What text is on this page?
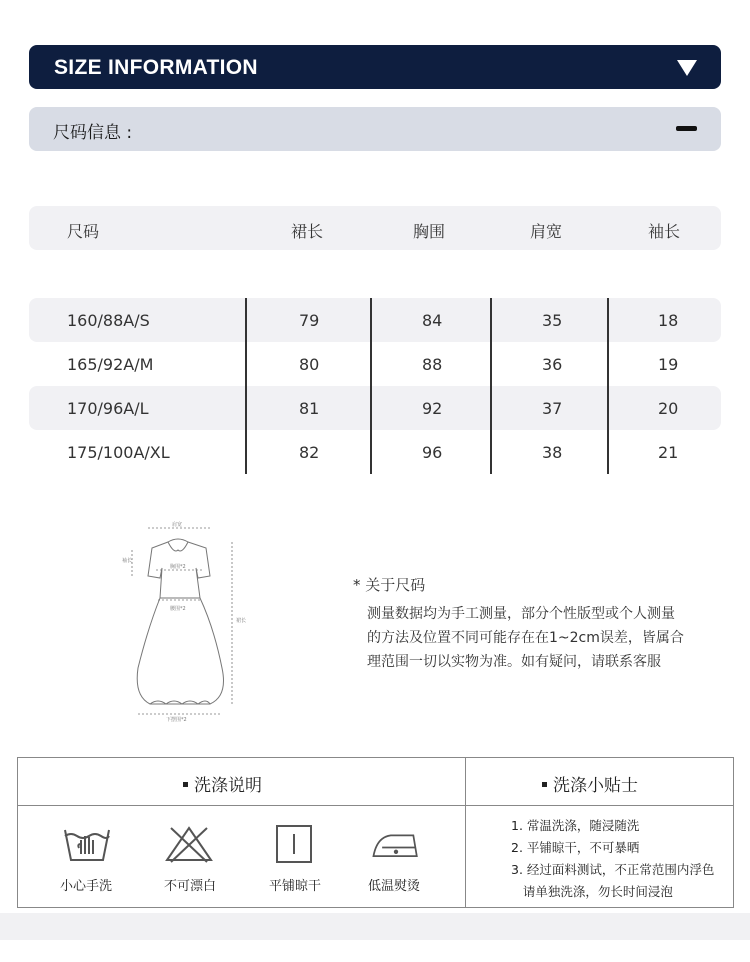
SIZE INFORMATION
尺码信息 :
尺码	裙长	胸围	肩宽	袖长
160/88A/S	79	84	35	18
165/92A/M	80	88	36	19
170/96A/L	81	92	37	20
175/100A/XL	82	96	38	21
肩宽
袖长
胸围*2
腰围*2
裙长
下摆围*2
* 关于尺码
测量数据均为手工测量，部分个性版型或个人测量
的方法及位置不同可能存在在1~2cm误差，皆属合
理范围一切以实物为准。如有疑问，请联系客服
洗涤说明	洗涤小贴士
小心手洗	不可漂白	平铺晾干	低温熨烫
1. 常温洗涤，随浸随洗
2. 平铺晾干，不可暴晒
3. 经过面料测试，不正常范围内浮色
请单独洗涤，勿长时间浸泡
